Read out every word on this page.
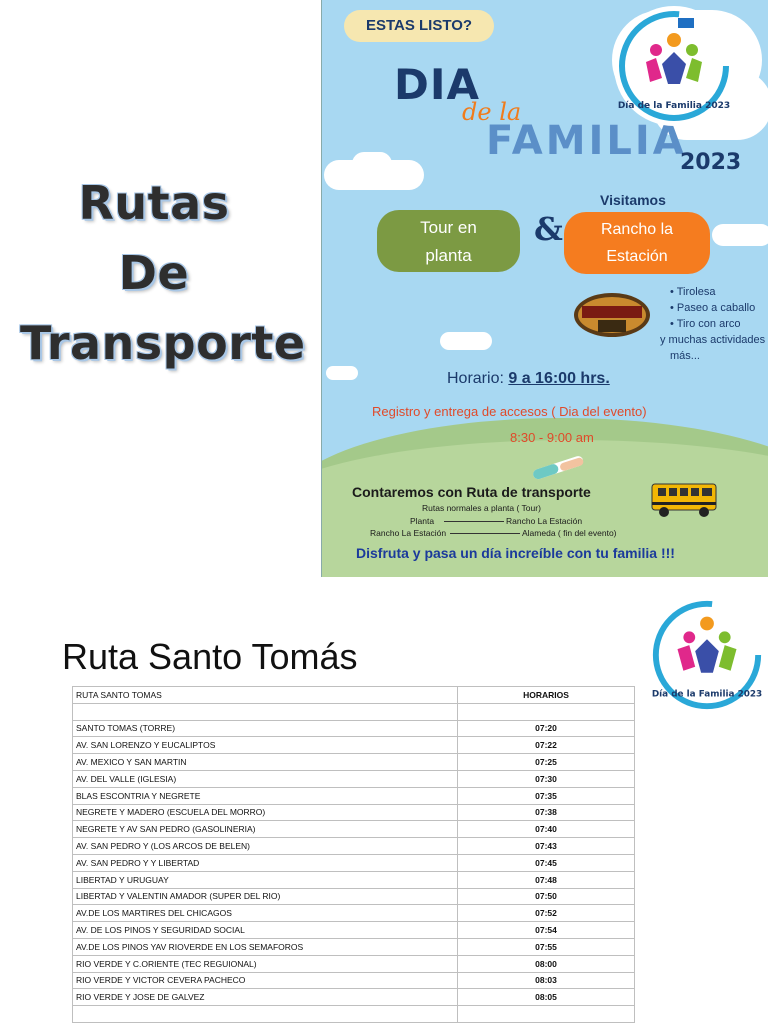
Rutas
De
Transporte
ESTAS LISTO?
DIA
de la
FAMILIA
2023
Visitamos
Tour en
planta
&	Rancho la
Estación
• Tirolesa
• Paseo a caballo
• Tiro con arco
y muchas actividades
más...
Horario: 9 a 16:00 hrs.
Registro y entrega de accesos ( Dia del evento)
8:30 - 9:00 am
Contaremos con Ruta de transporte
Rutas normales a planta ( Tour)
Planta	Rancho La Estación
Rancho La Estación	Alameda ( fin del evento)
Disfruta y pasa un día increíble con tu familia !!!
Día de la Familia 2023
Ruta Santo Tomás
RUTA SANTO TOMAS	HORARIOS

SANTO TOMAS (TORRE)	07:20
AV. SAN LORENZO Y EUCALIPTOS	07:22
AV. MEXICO Y SAN MARTIN	07:25
AV. DEL VALLE (IGLESIA)	07:30
BLAS ESCONTRIA Y NEGRETE	07:35
NEGRETE Y MADERO (ESCUELA DEL MORRO)	07:38
NEGRETE Y AV SAN PEDRO (GASOLINERIA)	07:40
AV. SAN PEDRO Y (LOS ARCOS DE BELEN)	07:43
AV. SAN PEDRO Y Y LIBERTAD	07:45
LIBERTAD Y URUGUAY	07:48
LIBERTAD Y VALENTIN AMADOR (SUPER DEL RIO)	07:50
AV.DE LOS MARTIRES DEL CHICAGOS	07:52
AV. DE LOS PINOS Y SEGURIDAD SOCIAL	07:54
AV.DE LOS PINOS YAV RIOVERDE EN LOS SEMAFOROS	07:55
RIO VERDE Y C.ORIENTE (TEC REGUIONAL)	08:00
RIO VERDE Y VICTOR CEVERA PACHECO	08:03
RIO VERDE Y JOSE DE GALVEZ	08:05

Día de la Familia 2023
